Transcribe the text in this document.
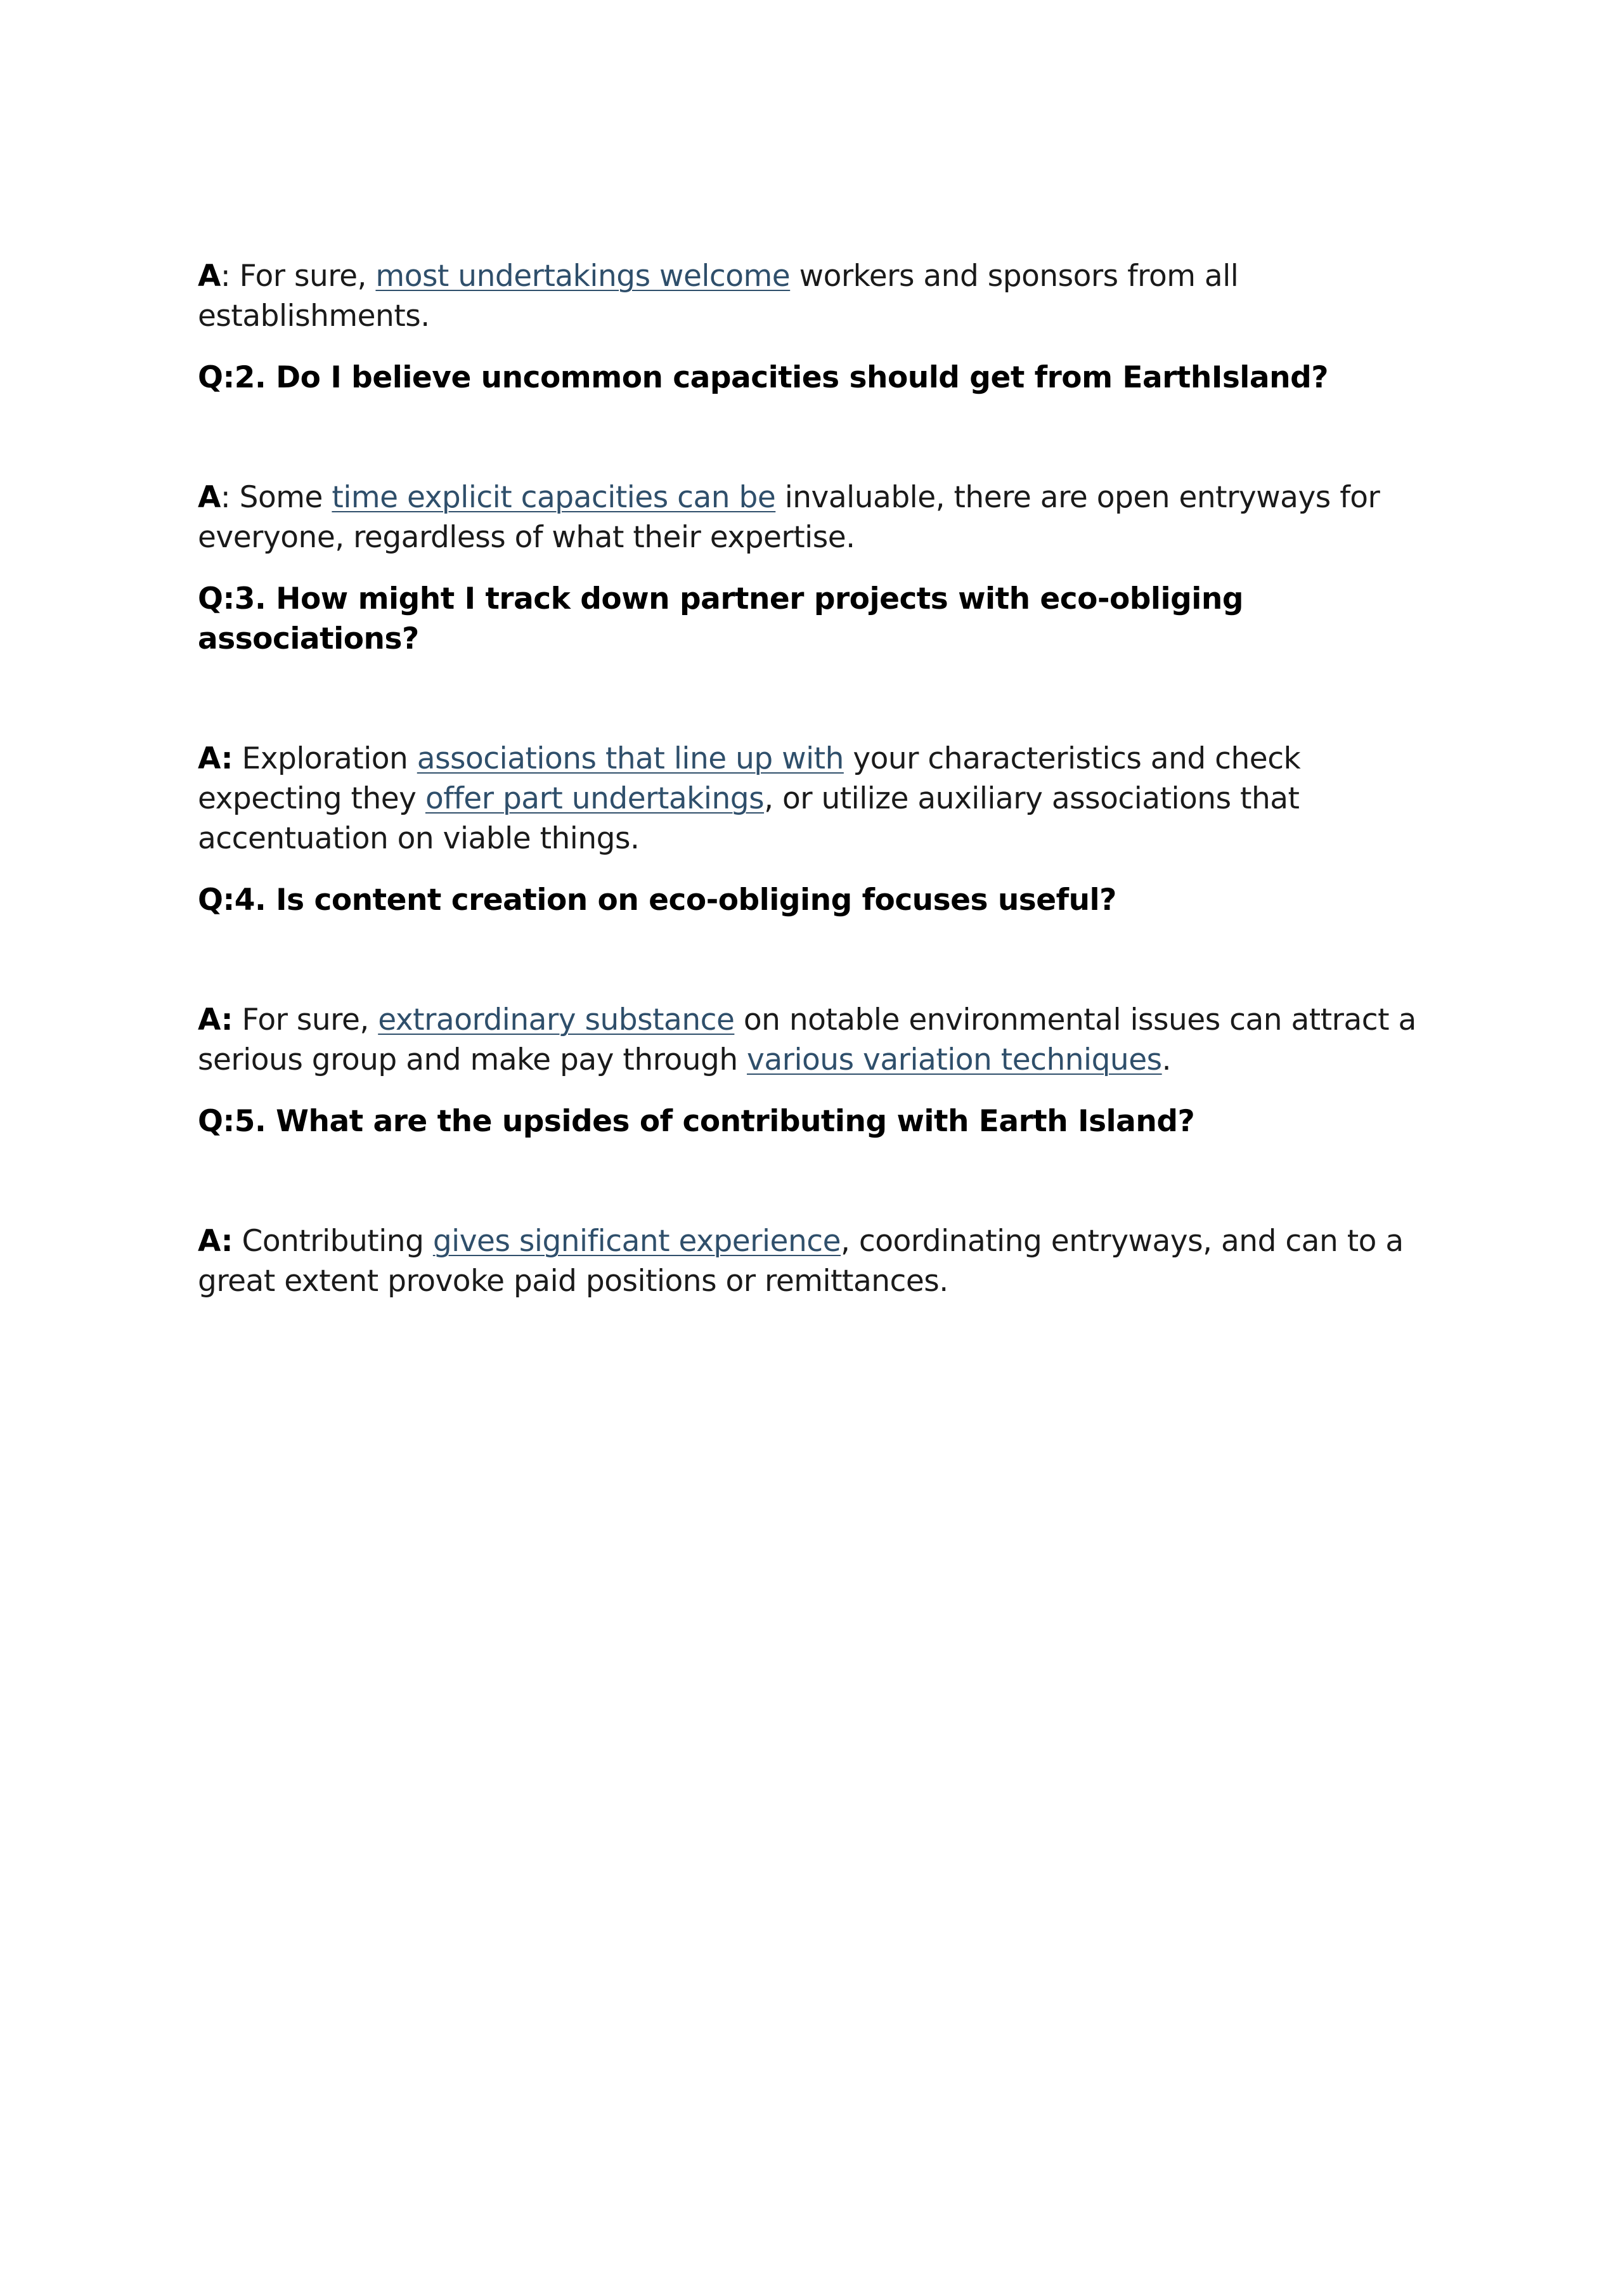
A: For sure, most undertakings welcome workers and sponsors from all establishments.

Q:2. Do I believe uncommon capacities should get from EarthIsland?

A: Some time explicit capacities can be invaluable, there are open entryways for everyone, regardless of what their expertise.

Q:3. How might I track down partner projects with eco-obliging associations?

A: Exploration associations that line up with your characteristics and check expecting they offer part undertakings, or utilize auxiliary associations that accentuation on viable things.

Q:4. Is content creation on eco-obliging focuses useful?

A: For sure, extraordinary substance on notable environmental issues can attract a serious group and make pay through various variation techniques.

Q:5. What are the upsides of contributing with Earth Island?

A: Contributing gives significant experience, coordinating entryways, and can to a great extent provoke paid positions or remittances.
